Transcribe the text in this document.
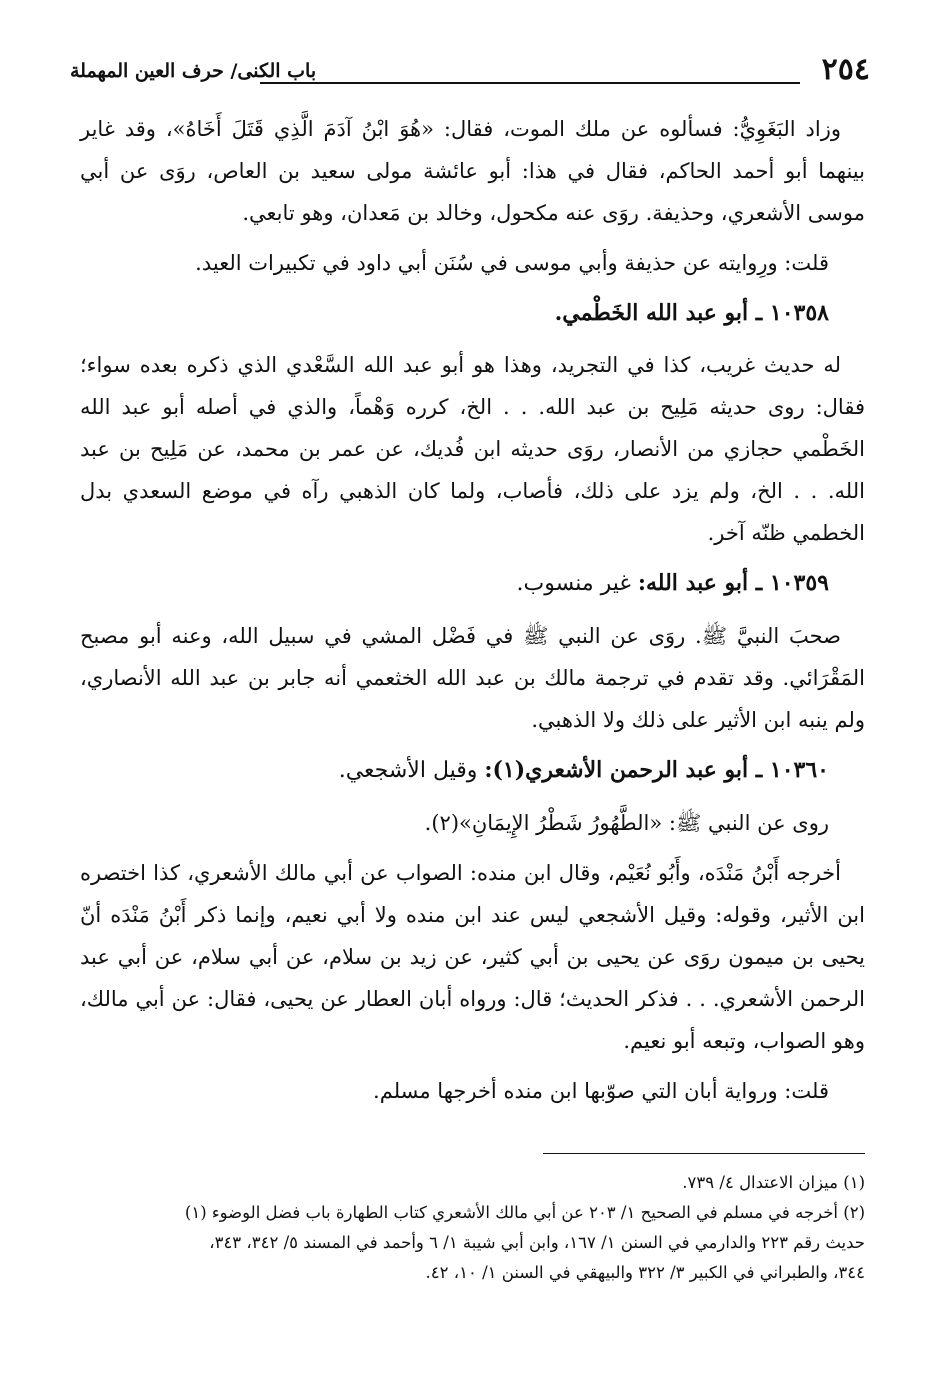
٢٥٤
باب الكنى/ حرف العين المهملة

وزاد البَغَوِيُّ: فسألوه عن ملك الموت، فقال: «هُوَ ابْنُ آدَمَ الَّذِي قَتَلَ أَخَاهُ»، وقد غاير بينهما أبو أحمد الحاكم، فقال في هذا: أبو عائشة مولى سعيد بن العاص، روَى عن أبي موسى الأشعري، وحذيفة. روَى عنه مكحول، وخالد بن مَعدان، وهو تابعي.

قلت: ورِوايته عن حذيفة وأبي موسى في سُنَن أبي داود في تكبيرات العيد.

١٠٣٥٨ ـ أبو عبد الله الخَطْمي.

له حديث غريب، كذا في التجريد، وهذا هو أبو عبد الله السَّعْدي الذي ذكره بعده سواء؛ فقال: روى حديثه مَلِيح بن عبد الله. . . الخ، كرره وَهْماً، والذي في أصله أبو عبد الله الخَطْمي حجازي من الأنصار، روَى حديثه ابن فُديك، عن عمر بن محمد، عن مَلِيح بن عبد الله. . . الخ، ولم يزد على ذلك، فأصاب، ولما كان الذهبي رآه في موضع السعدي بدل الخطمي ظنّه آخر.

١٠٣٥٩ ـ أبو عبد الله: غير منسوب.

صحبَ النبيَّ ﷺ. روَى عن النبي ﷺ في فَضْل المشي في سبيل الله، وعنه أبو مصبح المَقْرَائي. وقد تقدم في ترجمة مالك بن عبد الله الخثعمي أنه جابر بن عبد الله الأنصاري، ولم ينبه ابن الأثير على ذلك ولا الذهبي.

١٠٣٦٠ ـ أبو عبد الرحمن الأشعري(١): وقيل الأشجعي.

روى عن النبي ﷺ: «الطَّهُورُ شَطْرُ الإِيمَانِ»(٢).

أخرجه أَبْنُ مَنْدَه، وأَبُو نُعَيْم، وقال ابن منده: الصواب عن أبي مالك الأشعري، كذا اختصره ابن الأثير، وقوله: وقيل الأشجعي ليس عند ابن منده ولا أبي نعيم، وإنما ذكر أَبْنُ مَنْدَه أنّ يحيى بن ميمون روَى عن يحيى بن أبي كثير، عن زيد بن سلام، عن أبي سلام، عن أبي عبد الرحمن الأشعري. . . فذكر الحديث؛ قال: ورواه أبان العطار عن يحيى، فقال: عن أبي مالك، وهو الصواب، وتبعه أبو نعيم.

قلت: ورواية أبان التي صوّبها ابن منده أخرجها مسلم.

(١) ميزان الاعتدال ٤/ ٧٣٩.

(٢) أخرجه في مسلم في الصحيح ١/ ٢٠٣ عن أبي مالك الأشعري كتاب الطهارة باب فضل الوضوء (١)

حديث رقم ٢٢٣ والدارمي في السنن ١/ ١٦٧، وابن أبي شيبة ١/ ٦ وأحمد في المسند ٥/ ٣٤٢، ٣٤٣،

٣٤٤، والطبراني في الكبير ٣/ ٣٢٢ والبيهقي في السنن ١/ ١٠، ٤٢.
